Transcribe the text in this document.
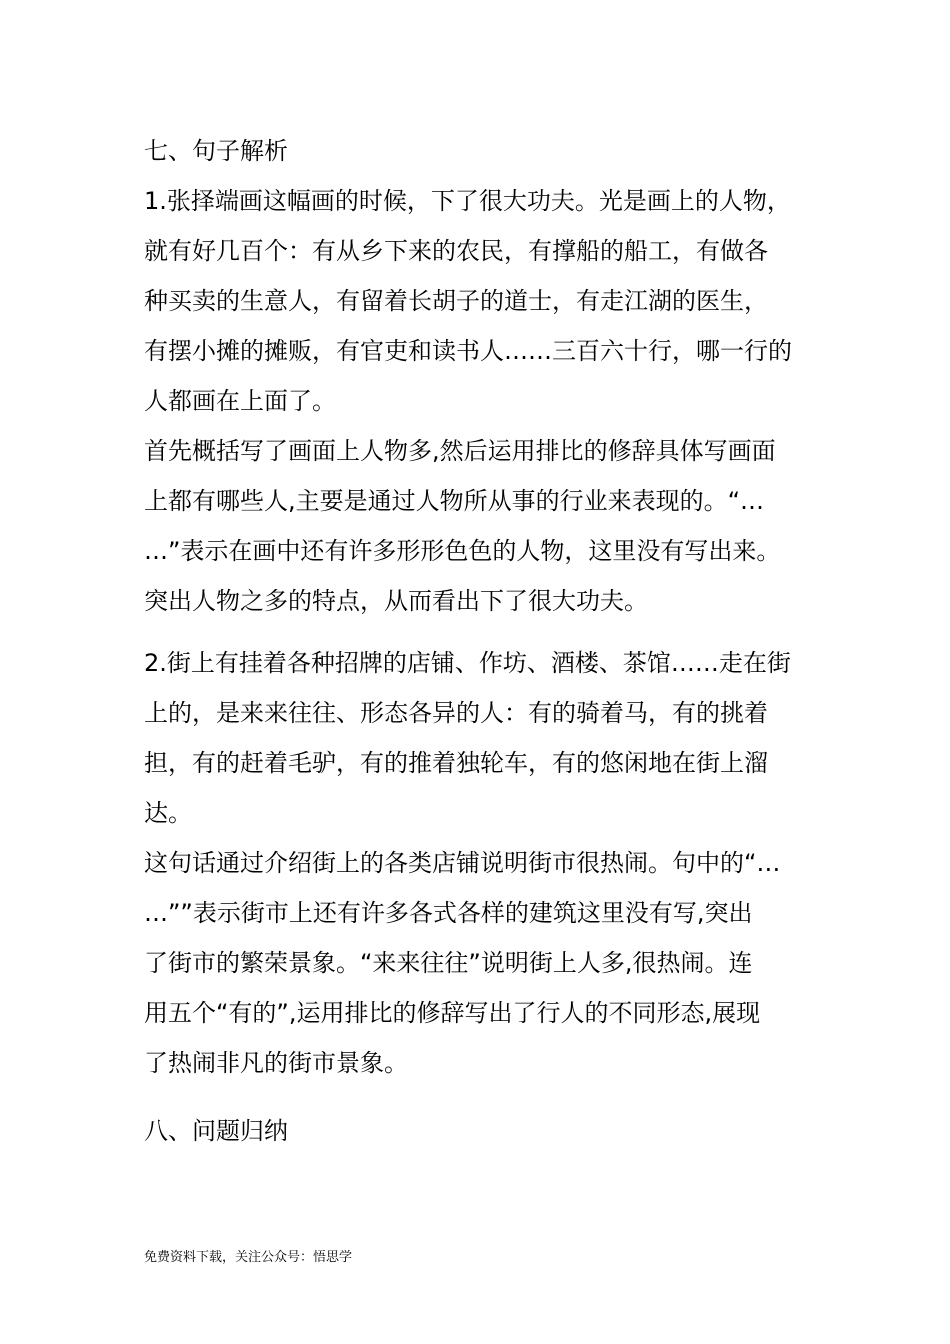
七、句子解析
1.张择端画这幅画的时候，下了很大功夫。光是画上的人物，
就有好几百个：有从乡下来的农民，有撑船的船工，有做各
种买卖的生意人，有留着长胡子的道士，有走江湖的医生，
有摆小摊的摊贩，有官吏和读书人……三百六十行，哪一行的
人都画在上面了。
首先概括写了画面上人物多,然后运用排比的修辞具体写画面
上都有哪些人,主要是通过人物所从事的行业来表现的。“…
…”表示在画中还有许多形形色色的人物，这里没有写出来。
突出人物之多的特点，从而看出下了很大功夫。
2.街上有挂着各种招牌的店铺、作坊、酒楼、茶馆……走在街
上的，是来来往往、形态各异的人：有的骑着马，有的挑着
担，有的赶着毛驴，有的推着独轮车，有的悠闲地在街上溜
达。
这句话通过介绍街上的各类店铺说明街市很热闹。句中的“…
…””表示街市上还有许多各式各样的建筑这里没有写,突出
了街市的繁荣景象。“来来往往”说明街上人多,很热闹。连
用五个“有的”,运用排比的修辞写出了行人的不同形态,展现
了热闹非凡的街市景象。
八、问题归纳
免费资料下载，关注公众号：悟思学
